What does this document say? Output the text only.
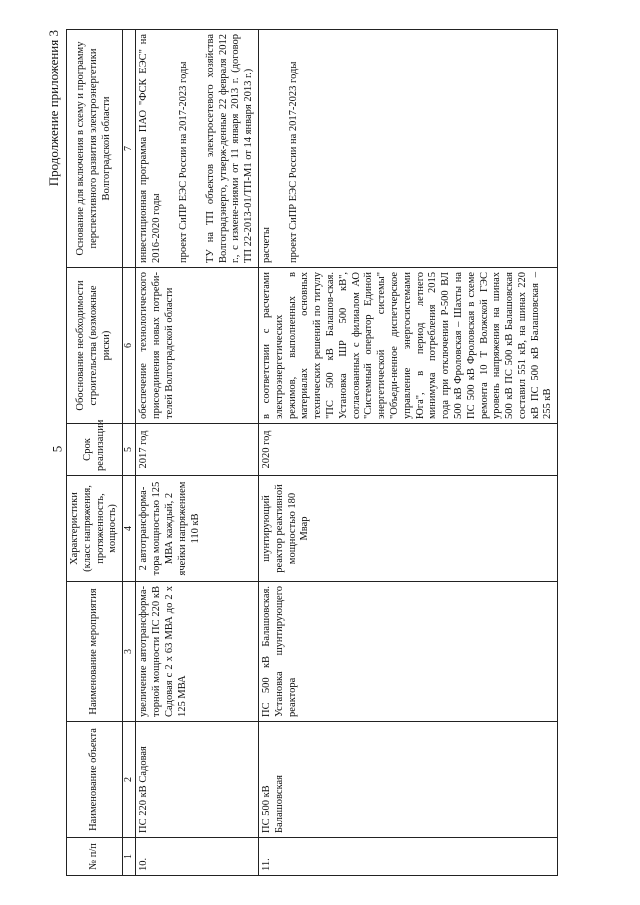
5
Продолжение приложения 3
№ п/п	Наименование объекта	Наименование мероприятия	Характеристики (класс напряжения, протяженность, мощность)	Срок реализации	Обоснование необходимости строительства (возможные риски)	Основание для включения в схему и программу перспективного развития электроэнергетики Волгоградской области
1	2	3	4	5	6	7
10.	ПС 220 кВ Садовая	увеличение автотрансформа-торной мощности ПС 220 кВ Садовая с 2 х 63 МВА до 2 х 125 МВА	2 автотрансформа-тора мощностью 125 МВА каждый, 2 ячейки напряжением 110 кВ	2017 год	обеспечение технологического присоединения новых потреби-телей Волгоградской области	инвестиционная программа ПАО "ФСК ЕЭС" на 2016-2020 годы проект СиПР ЕЭС России на 2017-2023 годы ТУ на ТП объектов электросетевого хозяйства Волгоградэнерго, утверж-денные 22 февраля 2012 г., с измене-ниями от 11 января 2013 г. (договор ТП 22-2013-01/ТП-М1 от 14 января 2013 г.)

11.	ПС 500 кВ Балашовская	ПС 500 кВ Балашовская. Установка шунтирующего реактора	шунтирующий реактор реактивной мощностью 180 Мвар	2020 год	в соответствии с расчетами электроэнергетических режимов, выполненных в материалах основных технических решений по титулу "ПС 500 кВ Балашов-ская. Установка ШР 500 кВ", согласованных с филиалом АО "Системный оператор Единой энергетической системы" "Объеди-ненное диспетчерское управление энергосистемами Юга", в период летнего минимума потребления 2015 года при отключении Р-500 ВЛ 500 кВ Фроловская – Шахты на ПС 500 кВ Фроловская в схеме ремонта 10 Т Волжской ГЭС уровень напряжения на шинах 500 кВ ПС 500 кВ Балашовская составил 551 кВ, на шинах 220 кВ ПС 500 кВ Балашовская – 255 кВ	расчеты проект СиПР ЕЭС России на 2017-2023 годы
